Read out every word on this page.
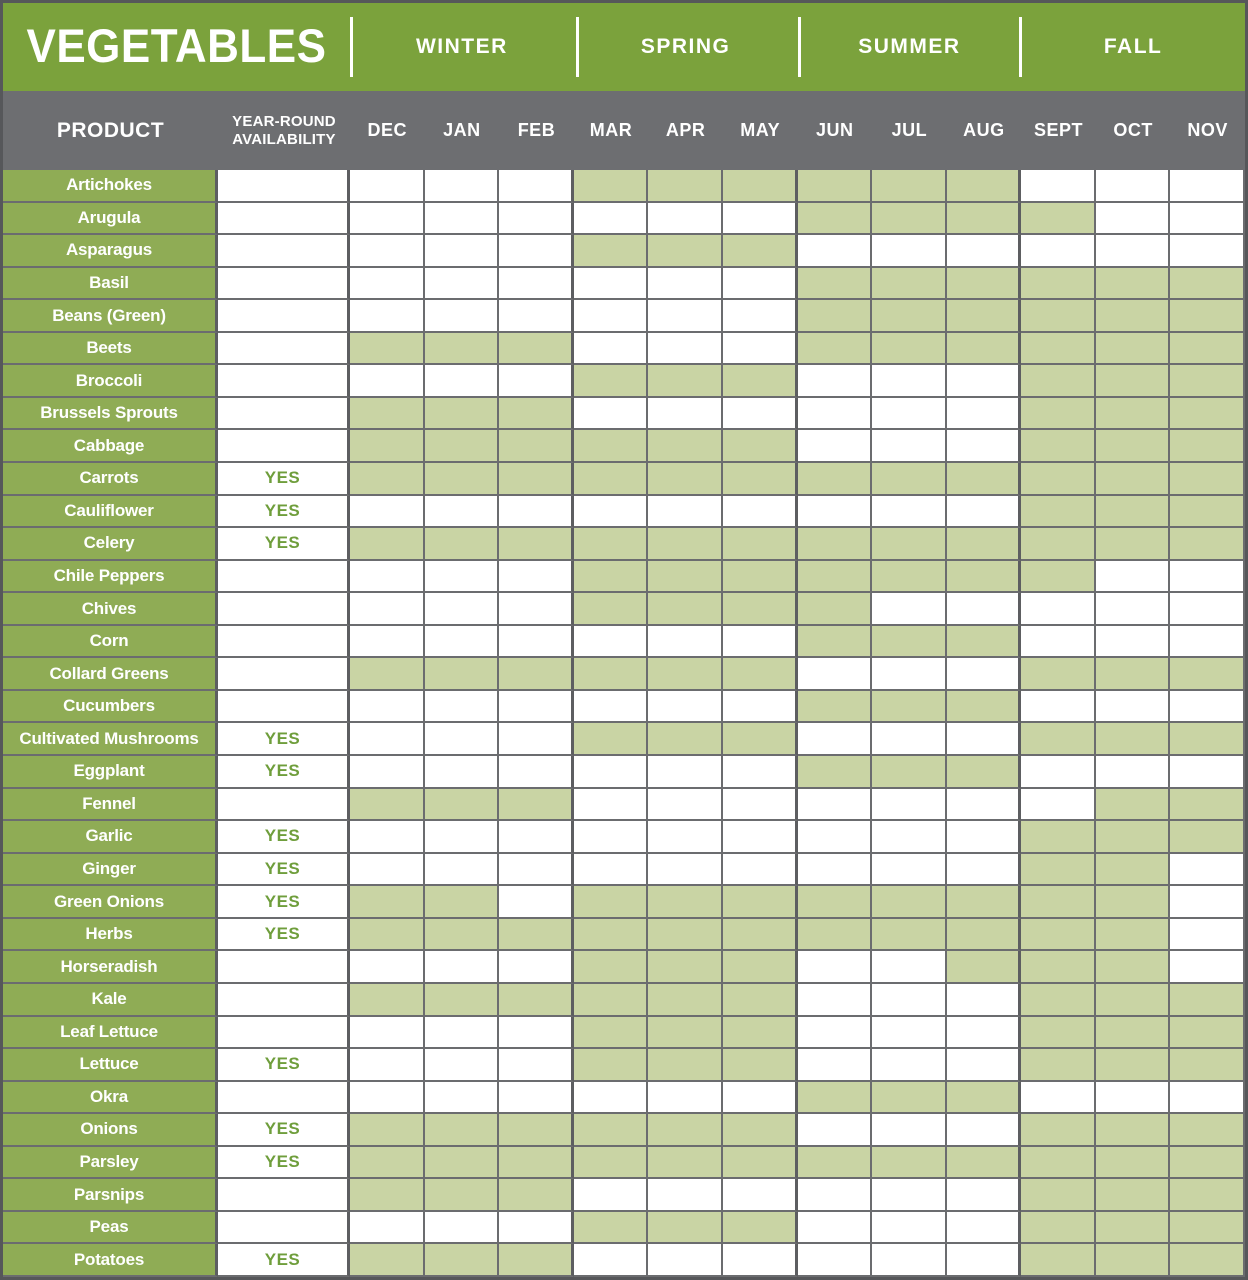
VEGETABLES	WINTER	SPRING	SUMMER	FALL
PRODUCT	YEAR-ROUND AVAILABILITY	DEC	JAN	FEB	MAR	APR	MAY	JUN	JUL	AUG	SEPT	OCT	NOV
Artichokes
Arugula
Asparagus
Basil
Beans (Green)
Beets
Broccoli
Brussels Sprouts
Cabbage
Carrots	YES
Cauliflower	YES
Celery	YES
Chile Peppers
Chives
Corn
Collard Greens
Cucumbers
Cultivated Mushrooms	YES
Eggplant	YES
Fennel
Garlic	YES
Ginger	YES
Green Onions	YES
Herbs	YES
Horseradish
Kale
Leaf Lettuce
Lettuce	YES
Okra
Onions	YES
Parsley	YES
Parsnips
Peas
Potatoes	YES
